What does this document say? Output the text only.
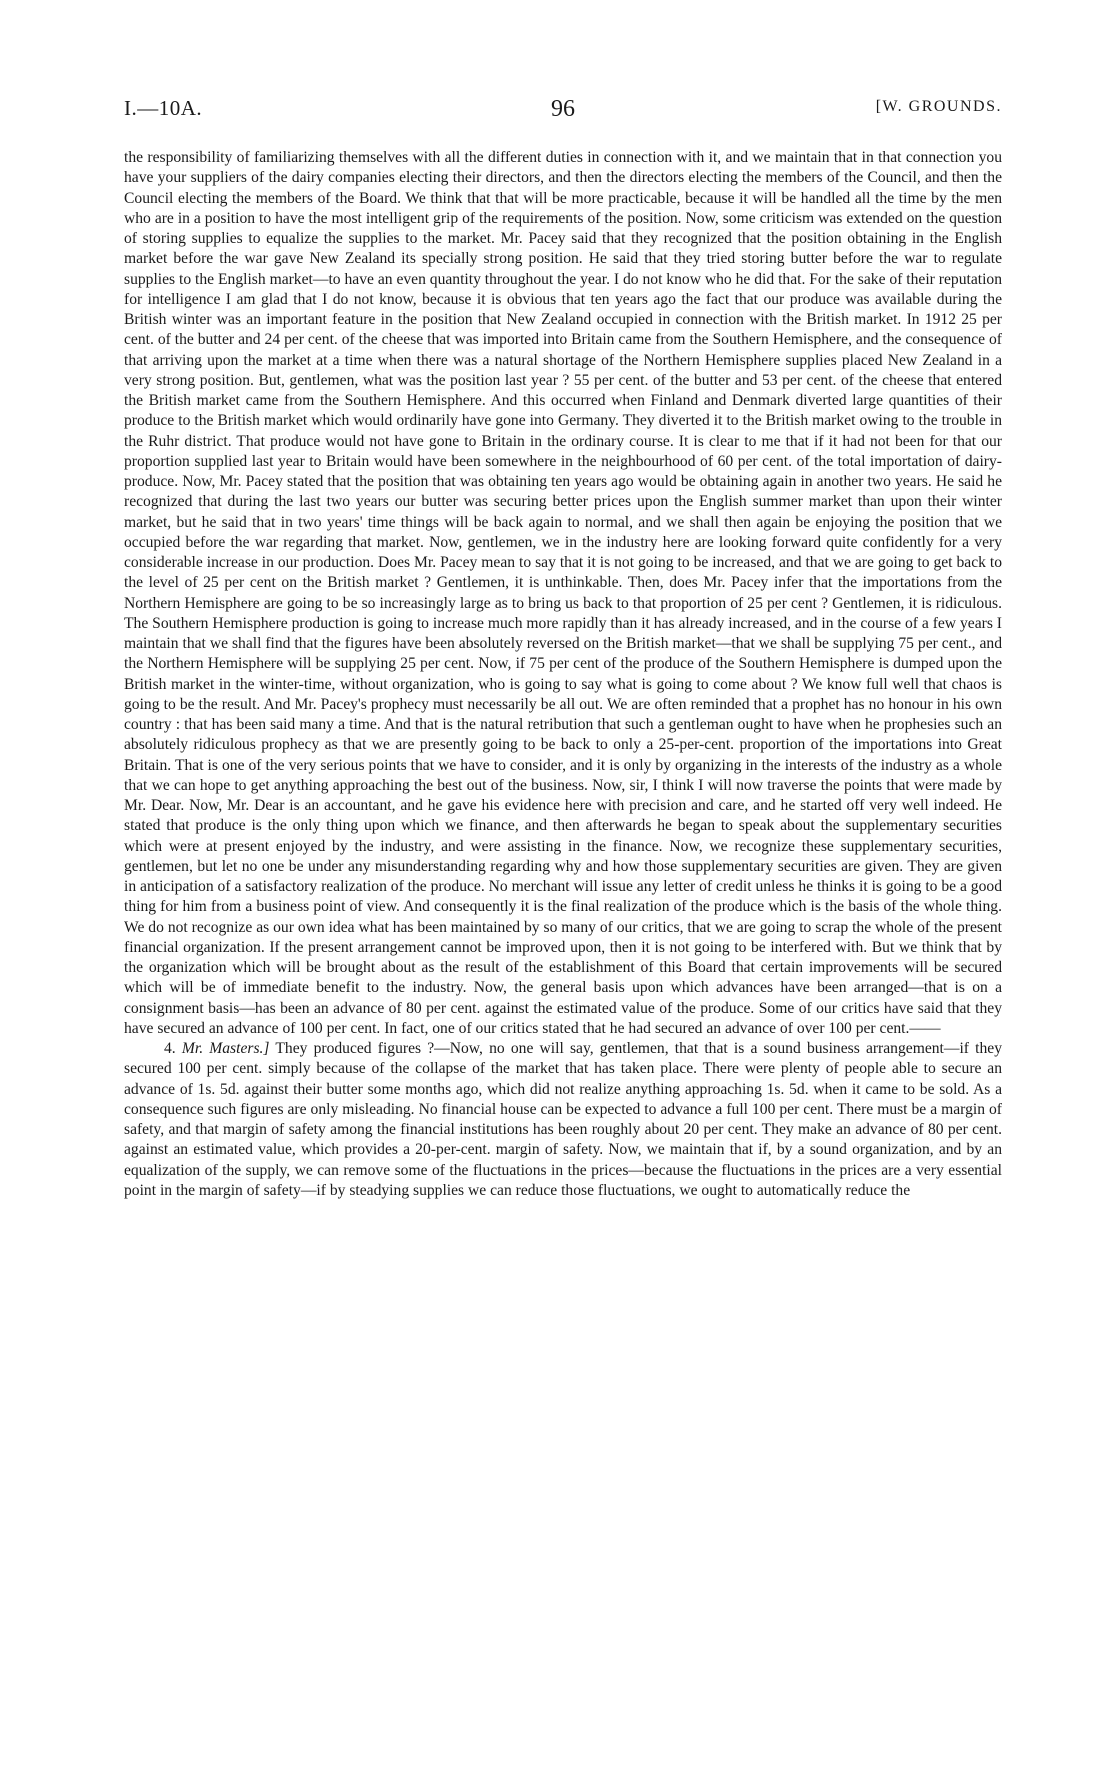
I.—10A.	96	[W. GROUNDS.

the responsibility of familiarizing themselves with all the different duties in connection with it, and we maintain that in that connection you have your suppliers of the dairy companies electing their directors, and then the directors electing the members of the Council, and then the Council electing the members of the Board. We think that that will be more practicable, because it will be handled all the time by the men who are in a position to have the most intelligent grip of the requirements of the position. Now, some criticism was extended on the question of storing supplies to equalize the supplies to the market. Mr. Pacey said that they recognized that the position obtaining in the English market before the war gave New Zealand its specially strong position. He said that they tried storing butter before the war to regulate supplies to the English market—to have an even quantity throughout the year. I do not know who he did that. For the sake of their reputation for intelligence I am glad that I do not know, because it is obvious that ten years ago the fact that our produce was available during the British winter was an important feature in the position that New Zealand occupied in connection with the British market. In 1912 25 per cent. of the butter and 24 per cent. of the cheese that was imported into Britain came from the Southern Hemisphere, and the consequence of that arriving upon the market at a time when there was a natural shortage of the Northern Hemisphere supplies placed New Zealand in a very strong position. But, gentlemen, what was the position last year ? 55 per cent. of the butter and 53 per cent. of the cheese that entered the British market came from the Southern Hemisphere. And this occurred when Finland and Denmark diverted large quantities of their produce to the British market which would ordinarily have gone into Germany. They diverted it to the British market owing to the trouble in the Ruhr district. That produce would not have gone to Britain in the ordinary course. It is clear to me that if it had not been for that our proportion supplied last year to Britain would have been somewhere in the neighbourhood of 60 per cent. of the total importation of dairy-produce. Now, Mr. Pacey stated that the position that was obtaining ten years ago would be obtaining again in another two years. He said he recognized that during the last two years our butter was securing better prices upon the English summer market than upon their winter market, but he said that in two years' time things will be back again to normal, and we shall then again be enjoying the position that we occupied before the war regarding that market. Now, gentlemen, we in the industry here are looking forward quite confidently for a very considerable increase in our production. Does Mr. Pacey mean to say that it is not going to be increased, and that we are going to get back to the level of 25 per cent on the British market ? Gentlemen, it is unthinkable. Then, does Mr. Pacey infer that the importations from the Northern Hemisphere are going to be so increasingly large as to bring us back to that proportion of 25 per cent ? Gentlemen, it is ridiculous. The Southern Hemisphere production is going to increase much more rapidly than it has already increased, and in the course of a few years I maintain that we shall find that the figures have been absolutely reversed on the British market—that we shall be supplying 75 per cent., and the Northern Hemisphere will be supplying 25 per cent. Now, if 75 per cent of the produce of the Southern Hemisphere is dumped upon the British market in the winter-time, without organization, who is going to say what is going to come about ? We know full well that chaos is going to be the result. And Mr. Pacey's prophecy must necessarily be all out. We are often reminded that a prophet has no honour in his own country : that has been said many a time. And that is the natural retribution that such a gentleman ought to have when he prophesies such an absolutely ridiculous prophecy as that we are presently going to be back to only a 25-per-cent. proportion of the importations into Great Britain. That is one of the very serious points that we have to consider, and it is only by organizing in the interests of the industry as a whole that we can hope to get anything approaching the best out of the business. Now, sir, I think I will now traverse the points that were made by Mr. Dear. Now, Mr. Dear is an accountant, and he gave his evidence here with precision and care, and he started off very well indeed. He stated that produce is the only thing upon which we finance, and then afterwards he began to speak about the supplementary securities which were at present enjoyed by the industry, and were assisting in the finance. Now, we recognize these supplementary securities, gentlemen, but let no one be under any misunderstanding regarding why and how those supplementary securities are given. They are given in anticipation of a satisfactory realization of the produce. No merchant will issue any letter of credit unless he thinks it is going to be a good thing for him from a business point of view. And consequently it is the final realization of the produce which is the basis of the whole thing. We do not recognize as our own idea what has been maintained by so many of our critics, that we are going to scrap the whole of the present financial organization. If the present arrangement cannot be improved upon, then it is not going to be interfered with. But we think that by the organization which will be brought about as the result of the establishment of this Board that certain improvements will be secured which will be of immediate benefit to the industry. Now, the general basis upon which advances have been arranged—that is on a consignment basis—has been an advance of 80 per cent. against the estimated value of the produce. Some of our critics have said that they have secured an advance of 100 per cent. In fact, one of our critics stated that he had secured an advance of over 100 per cent.——

4. Mr. Masters.] They produced figures ?—Now, no one will say, gentlemen, that that is a sound business arrangement—if they secured 100 per cent. simply because of the collapse of the market that has taken place. There were plenty of people able to secure an advance of 1s. 5d. against their butter some months ago, which did not realize anything approaching 1s. 5d. when it came to be sold. As a consequence such figures are only misleading. No financial house can be expected to advance a full 100 per cent. There must be a margin of safety, and that margin of safety among the financial institutions has been roughly about 20 per cent. They make an advance of 80 per cent. against an estimated value, which provides a 20-per-cent. margin of safety. Now, we maintain that if, by a sound organization, and by an equalization of the supply, we can remove some of the fluctuations in the prices—because the fluctuations in the prices are a very essential point in the margin of safety—if by steadying supplies we can reduce those fluctuations, we ought to automatically reduce the
